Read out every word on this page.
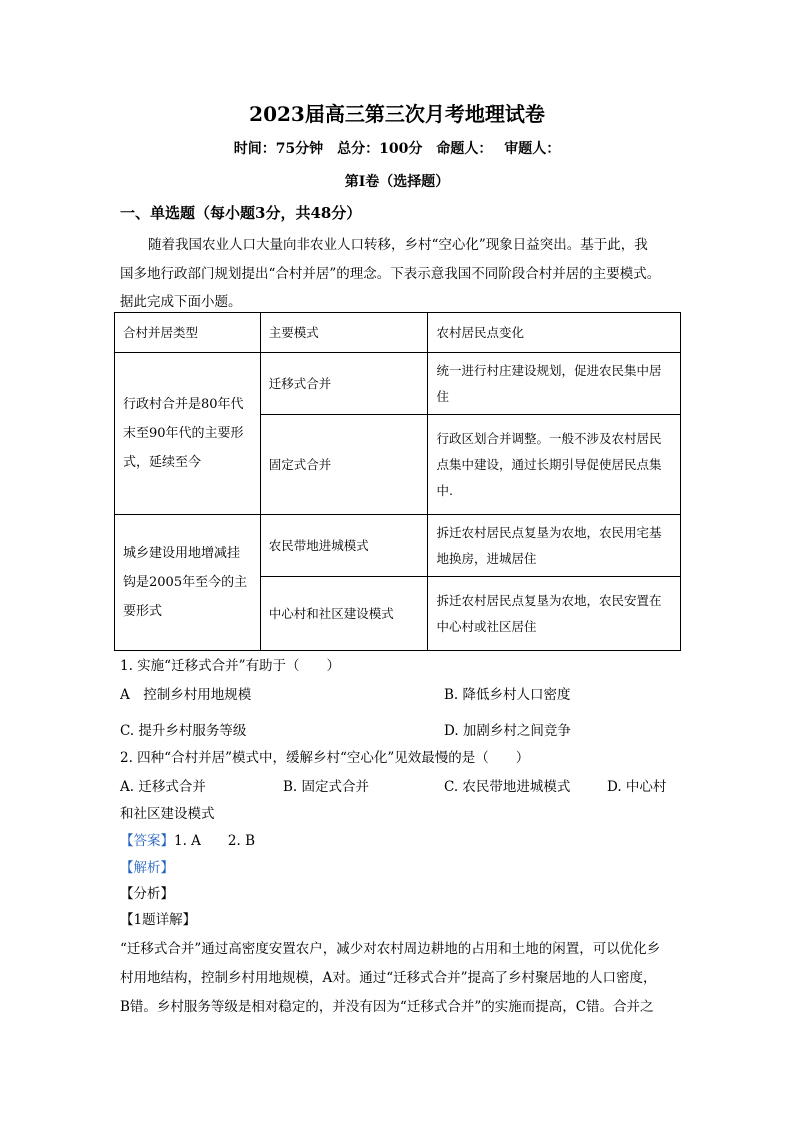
2023届高三第三次月考地理试卷
时间：75分钟　总分：100分　命题人：　 审题人：
第I卷（选择题）
一、单选题（每小题3分，共48分）
随着我国农业人口大量向非农业人口转移，乡村“空心化”现象日益突出。基于此，我
国多地行政部门规划提出“合村并居”的理念。下表示意我国不同阶段合村并居的主要模式。
据此完成下面小题。
合村并居类型	主要模式	农村居民点变化
行政村合并是80年代末至90年代的主要形式，延续至今	迁移式合并	统一进行村庄建设规划，促进农民集中居住
	固定式合并	行政区划合并调整。一般不涉及农村居民点集中建设，通过长期引导促使居民点集中.
城乡建设用地增减挂钩是2005年至今的主要形式	农民带地进城模式	拆迁农村居民点复垦为农地，农民用宅基地换房，进城居住
	中心村和社区建设模式	拆迁农村居民点复垦为农地，农民安置在中心村或社区居住
1. 实施“迁移式合并”有助于（　　）
A　控制乡村用地规模	B. 降低乡村人口密度
C. 提升乡村服务等级	D. 加剧乡村之间竞争
2. 四种“合村并居”模式中，缓解乡村“空心化”见效最慢的是（　　）
A. 迁移式合并	B. 固定式合并	C. 农民带地进城模式	D. 中心村
和社区建设模式
【答案】1. A　　2. B
【解析】
【分析】
【1题详解】
“迁移式合并”通过高密度安置农户，减少对农村周边耕地的占用和土地的闲置，可以优化乡
村用地结构，控制乡村用地规模，A对。通过“迁移式合并”提高了乡村聚居地的人口密度，
B错。乡村服务等级是相对稳定的，并没有因为“迁移式合并”的实施而提高，C错。合并之
